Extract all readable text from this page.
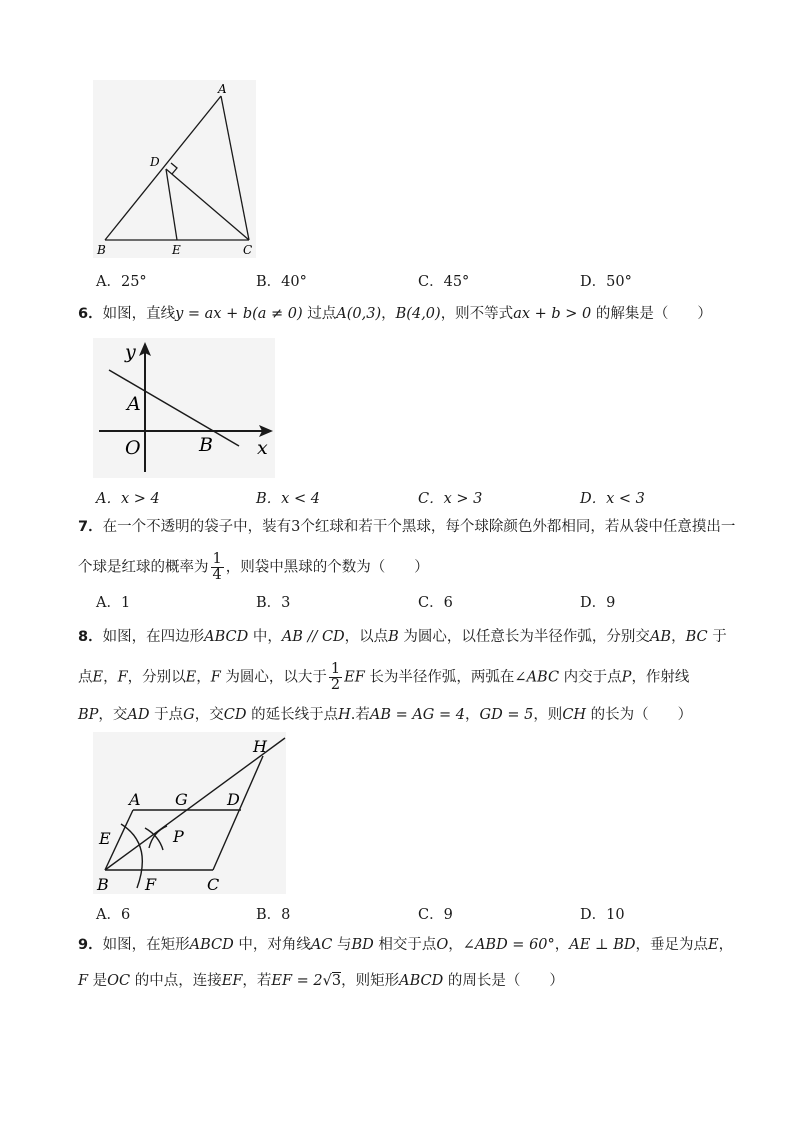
A
D
B	E	C
A．25°	B．40°	C．45°	D．50°
6．如图，直线y = ax + b(a ≠ 0) 过点A(0,3)，B(4,0)，则不等式ax + b > 0 的解集是（　　）
y
A
O	B x
A．x > 4	B．x < 4	C．x > 3	D．x < 3
7．在一个不透明的袋子中，装有3个红球和若干个黑球，每个球除颜色外都相同，若从袋中任意摸出一
个球是红球的概率为 $\frac{1}{4}$ ，则袋中黑球的个数为（　　）
A．1	B．3	C．6	D．9
8．如图，在四边形ABCD 中，AB // CD，以点B 为圆心，以任意长为半径作弧，分别交AB，BC 于
点E，F，分别以E，F 为圆心，以大于 $\frac{1}{2}$ EF 长为半径作弧，两弧在∠ABC 内交于点P，作射线
BP，交AD 于点G，交CD 的延长线于点H.若AB = AG = 4，GD = 5，则CH 的长为（　　）
A G D
H
E	P
B F	C
A．6	B．8	C．9	D．10
9．如图，在矩形ABCD 中，对角线AC 与BD 相交于点O，∠ABD = 60°，AE ⊥ BD，垂足为点E，
F 是OC 的中点，连接EF，若EF = 2√3，则矩形ABCD 的周长是（　　）
